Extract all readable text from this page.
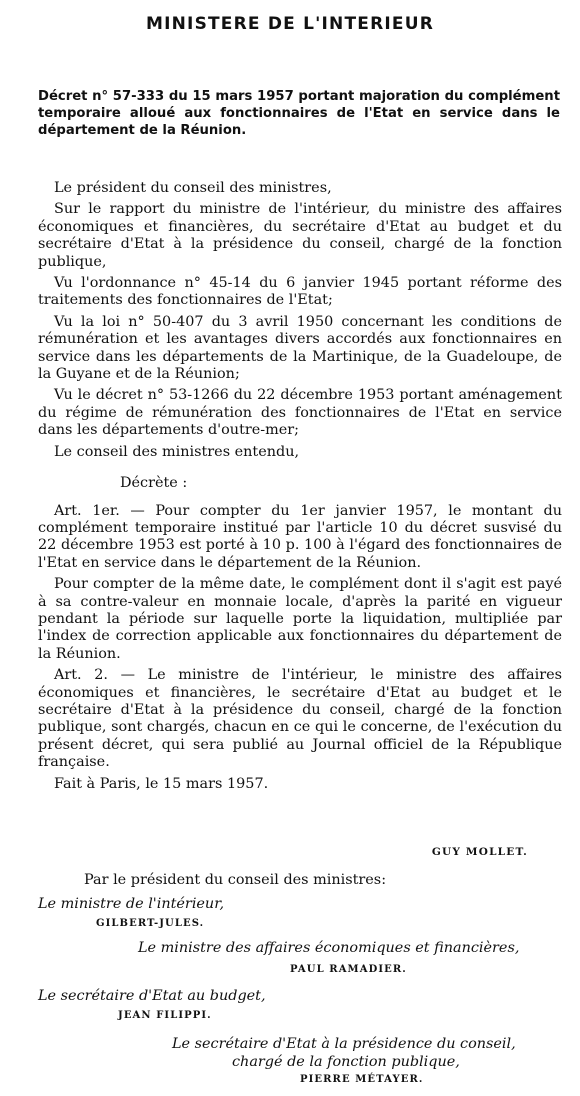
MINISTERE DE L'INTERIEUR
Décret n° 57-333 du 15 mars 1957 portant majoration du complément temporaire alloué aux fonctionnaires de l'Etat en service dans le département de la Réunion.

Le président du conseil des ministres,

Sur le rapport du ministre de l'intérieur, du ministre des affaires économiques et financières, du secrétaire d'Etat au budget et du secrétaire d'Etat à la présidence du conseil, chargé de la fonction publique,

Vu l'ordonnance n° 45-14 du 6 janvier 1945 portant réforme des traitements des fonctionnaires de l'Etat;

Vu la loi n° 50-407 du 3 avril 1950 concernant les conditions de rémunération et les avantages divers accordés aux fonctionnaires en service dans les départements de la Martinique, de la Guadeloupe, de la Guyane et de la Réunion;

Vu le décret n° 53-1266 du 22 décembre 1953 portant aménagement du régime de rémunération des fonctionnaires de l'Etat en service dans les départements d'outre-mer;

Le conseil des ministres entendu,

Décrète :

Art. 1er. — Pour compter du 1er janvier 1957, le montant du complément temporaire institué par l'article 10 du décret susvisé du 22 décembre 1953 est porté à 10 p. 100 à l'égard des fonctionnaires de l'Etat en service dans le département de la Réunion.

Pour compter de la même date, le complément dont il s'agit est payé à sa contre-valeur en monnaie locale, d'après la parité en vigueur pendant la période sur laquelle porte la liquidation, multipliée par l'index de correction applicable aux fonctionnaires du département de la Réunion.

Art. 2. — Le ministre de l'intérieur, le ministre des affaires économiques et financières, le secrétaire d'Etat au budget et le secrétaire d'Etat à la présidence du conseil, chargé de la fonction publique, sont chargés, chacun en ce qui le concerne, de l'exécution du présent décret, qui sera publié au Journal officiel de la République française.

Fait à Paris, le 15 mars 1957.

GUY MOLLET.
Par le président du conseil des ministres:
Le ministre de l'intérieur,
GILBERT-JULES.
Le ministre des affaires économiques et financières,
PAUL RAMADIER.
Le secrétaire d'Etat au budget,
JEAN FILIPPI.
Le secrétaire d'Etat à la présidence du conseil,
chargé de la fonction publique,
PIERRE MÉTAYER.
